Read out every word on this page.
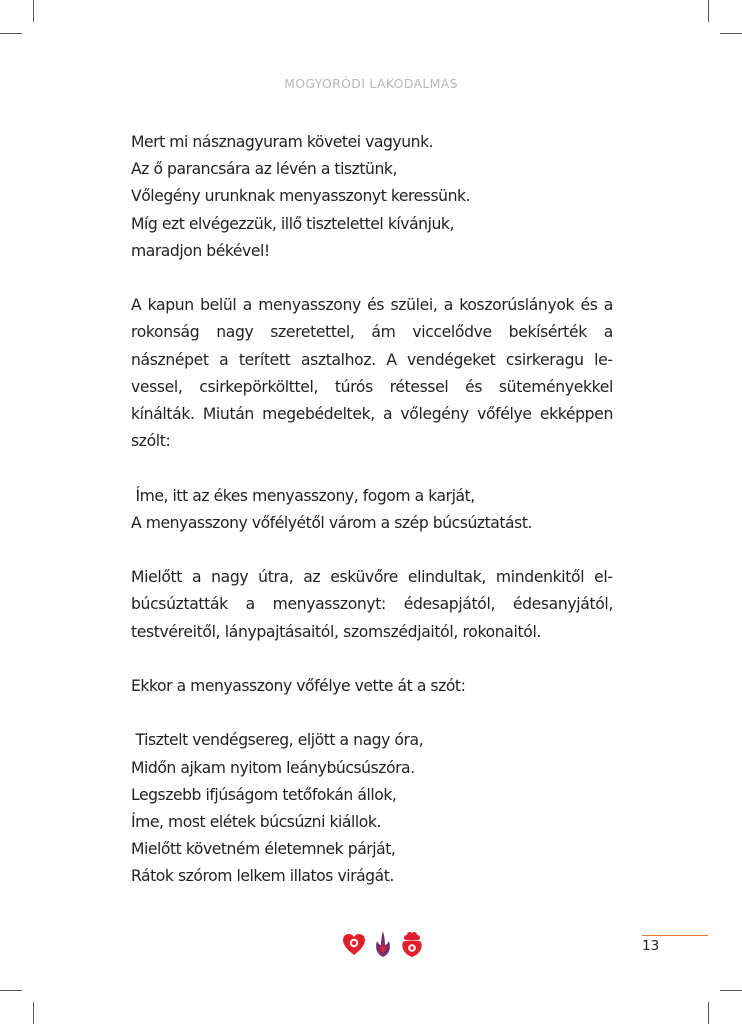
MOGYORÓDI LAKODALMAS
Mert mi násznagyuram követei vagyunk.
Az ő parancsára az lévén a tisztünk,
Vőlegény urunknak menyasszonyt keressünk.
Míg ezt elvégezzük, illő tisztelettel kívánjuk,
maradjon békével!
A kapun belül a menyasszony és szülei, a koszorúslányok és a rokonság nagy szeretettel, ám viccelődve bekísérték a násznépet a terített asztalhoz. A vendégeket csirkeragu levessel, csirkepörkölttel, túrós rétessel és süteményekkel kínálták. Miután megebédeltek, a vőlegény vőfélye ekképpen szólt:
Íme, itt az ékes menyasszony, fogom a karját,
A menyasszony vőfélyétől várom a szép búcsúztatást.
Mielőtt a nagy útra, az esküvőre elindultak, mindenkitől elbúcsúztatták a menyasszonyt: édesapjától, édesanyjától, testvéreitől, lánypajtásaitól, szomszédjaitól, rokonaitól.
Ekkor a menyasszony vőfélye vette át a szót:
Tisztelt vendégsereg, eljött a nagy óra,
Midőn ajkam nyitom leánybúcsúszóra.
Legszebb ifjúságom tetőfokán állok,
Íme, most elétek búcsúzni kiállok.
Mielőtt követném életemnek párját,
Rátok szórom lelkem illatos virágát.
13
